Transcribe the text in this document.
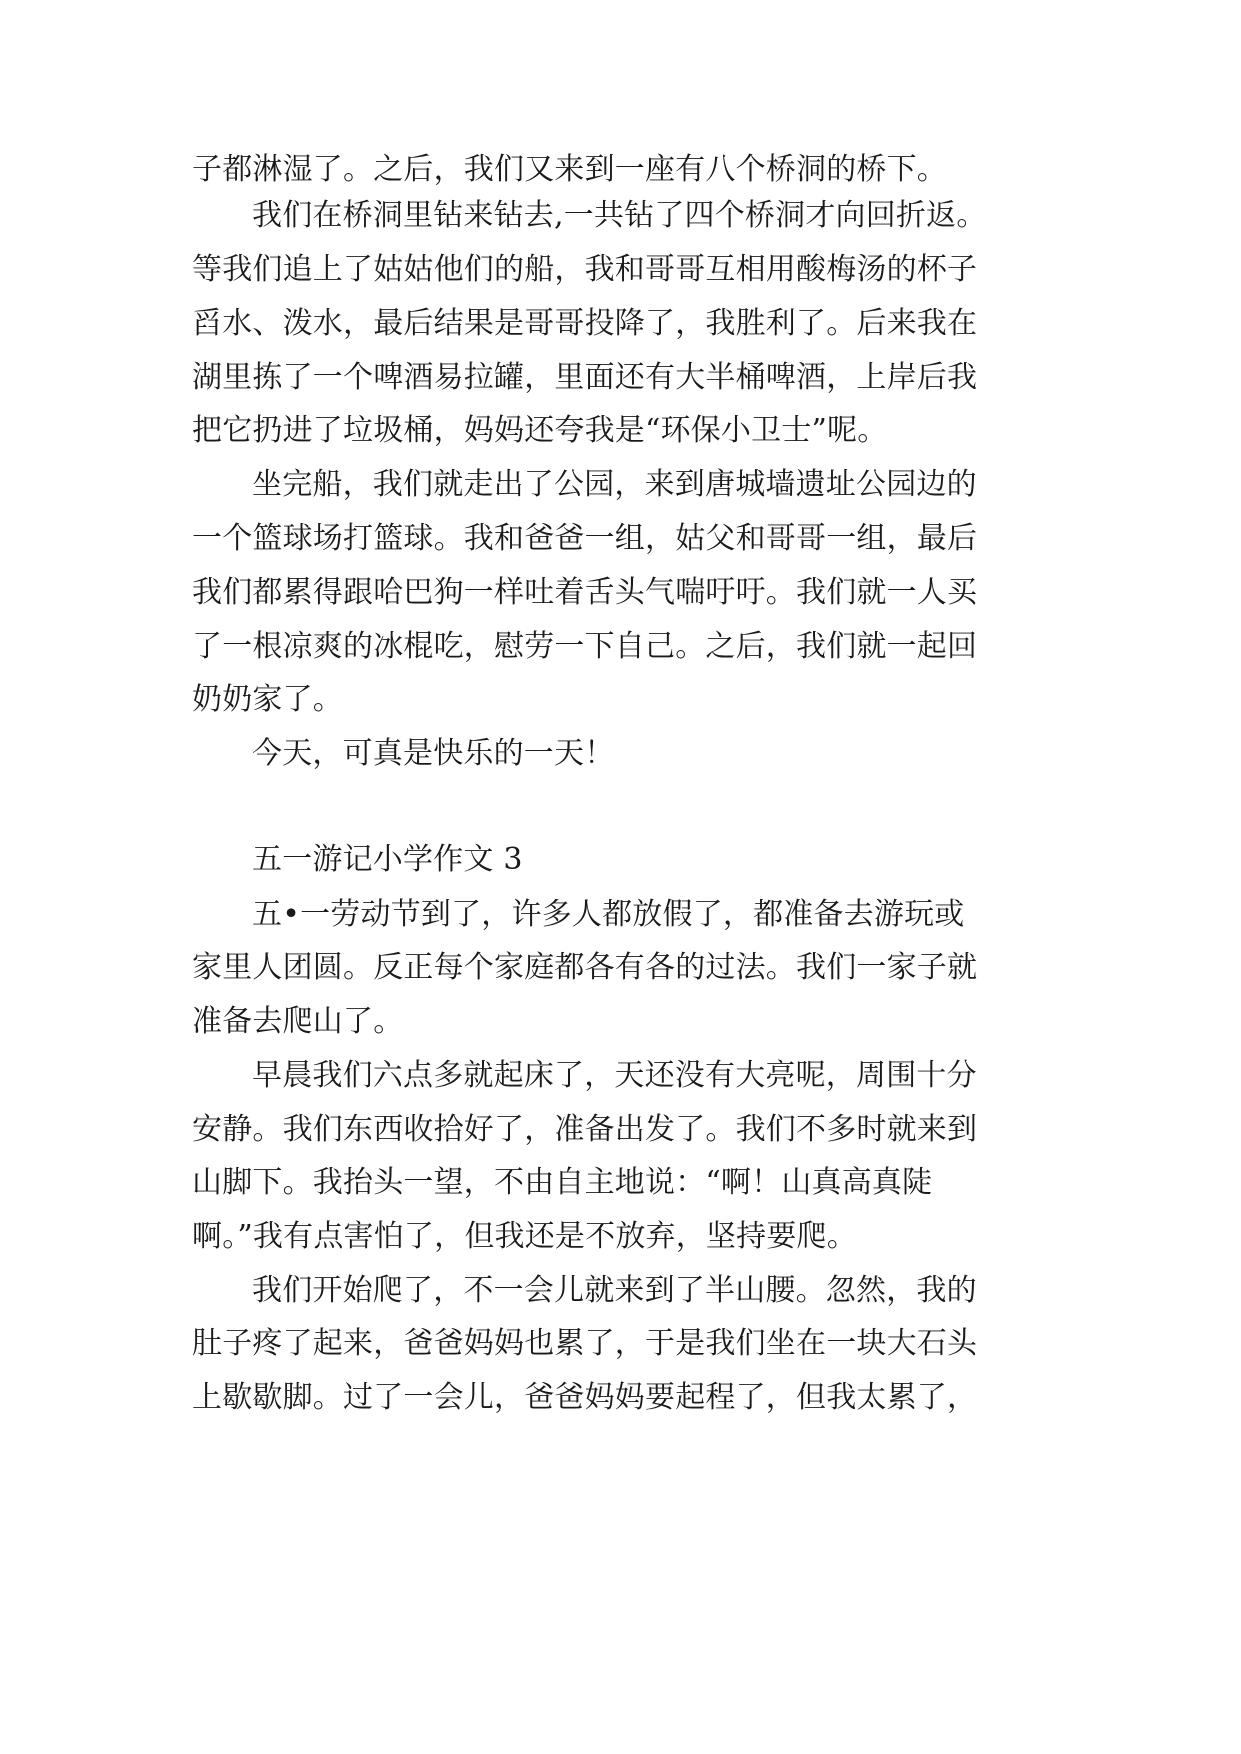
子都淋湿了。之后，我们又来到一座有八个桥洞的桥下。
我们在桥洞里钻来钻去,一共钻了四个桥洞才向回折返。
等我们追上了姑姑他们的船，我和哥哥互相用酸梅汤的杯子
舀水、泼水，最后结果是哥哥投降了，我胜利了。后来我在
湖里拣了一个啤酒易拉罐，里面还有大半桶啤酒，上岸后我
把它扔进了垃圾桶，妈妈还夸我是“环保小卫士”呢。
坐完船，我们就走出了公园，来到唐城墙遗址公园边的
一个篮球场打篮球。我和爸爸一组，姑父和哥哥一组，最后
我们都累得跟哈巴狗一样吐着舌头气喘吁吁。我们就一人买
了一根凉爽的冰棍吃，慰劳一下自己。之后，我们就一起回
奶奶家了。
今天，可真是快乐的一天！
五一游记小学作文 3
五•一劳动节到了，许多人都放假了，都准备去游玩或
家里人团圆。反正每个家庭都各有各的过法。我们一家子就
准备去爬山了。
早晨我们六点多就起床了，天还没有大亮呢，周围十分
安静。我们东西收拾好了，准备出发了。我们不多时就来到
山脚下。我抬头一望，不由自主地说：“啊！山真高真陡
啊。”我有点害怕了，但我还是不放弃，坚持要爬。
我们开始爬了，不一会儿就来到了半山腰。忽然，我的
肚子疼了起来，爸爸妈妈也累了，于是我们坐在一块大石头
上歇歇脚。过了一会儿，爸爸妈妈要起程了，但我太累了，
